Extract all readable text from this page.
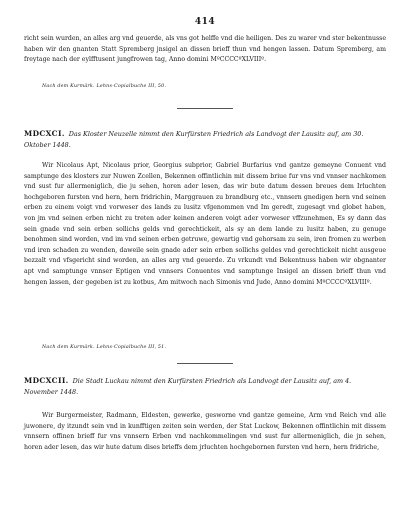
414

richt sein wurden, an alles arg vnd geuerde, als vns got helffe vnd die heiligen. Des zu warer vnd ster bekentnusse haben wir den gnanten Statt Spremberg jnsigel an dissen brieff thun vnd hengen lassen. Datum Spremberg, am freytage nach der eylfftusent jungfrowen tag, Anno domini MºCCCCºXLVIIIº.

Nach dem Kurmärk. Lehns-Copialbuche III, 50.

MDCXCI. Das Kloster Neuzelle nimmt den Kurfürsten Friedrich als Landvogt der Lausitz auf, am 30. Oktober 1448.

Wir Nicolaus Apt, Nicolaus prior, Georgius subprior, Gabriel Burfarius vnd gantze gemeyne Conuent vnd samptunge des klosters zur Nuwen Zcellen, Bekennen offintlichin mit dissem briue fur vns vnd vnnser nachkomen vnd sust fur allermeniglich, die ju sehen, horen ader lesen, das wir bute datum dessen breues dem Irluchten hochgeboren fursten vnd hern, hern fridrichin, Marggrauen zu brandburg etc., vnnsern gnedigen hern vnd seinen erben zu einem voigt vnd vorweser des lands zu lusitz vfgenommen vnd Im geredt, zugesagt vnd globet haben, von jm vnd seinen erben nicht zu treten ader keinen anderen voigt ader vorweser vffzunehmen, Es sy dann das sein gnade vnd sein erben sollichs gelds vnd gerechtickeit, als sy an dem lande zu lusitz haben, zu genuge benohmen sind worden, vnd im vnd seinen erben getruwe, gewartig vnd gehorsam zu sein, iren fromen zu werben vnd iren schaden zu wenden, daweile sein gnade ader sein erben sollichs geldes vnd gerechtickeit nicht ausgeue bezzalt vnd vfsgericht sind worden, an alles arg vnd geuerde. Zu vrkundt vnd Bekentnuss haben wir obgnanter apt vnd samptunge vnnser Eptigen vnd vnnsers Conuentes vnd samptunge Insigel an dissen brieff thun vnd hengen lassen, der gegeben ist zu kotbus, Am mitwoch nach Simonis vnd Jude, Anno domini MºCCCCºXLVIIIº.

Nach dem Kurmärk. Lehns-Copialbuche III, 51.

MDCXCII. Die Stadt Luckau nimmt den Kurfürsten Friedrich als Landvogt der Lausitz auf, am 4. November 1448.

Wir Burgermeister, Radmann, Eldesten, gewerke, gesworne vnd gantze gemeine, Arm vnd Reich vnd alle juwonere, dy itzundt sein vnd in kunfftigen zeiten sein werden, der Stat Luckow, Bekennen offintlichin mit dissem vnnsern offinen brieff fur vns vnnsern Erben vnd nachkommelingen vnd sust fur allermeniglich, die jn sehen, horen ader lesen, das wir hute datum dises brieffs dem jrluchten hochgebornen fursten vnd hern, hern fridriche,
